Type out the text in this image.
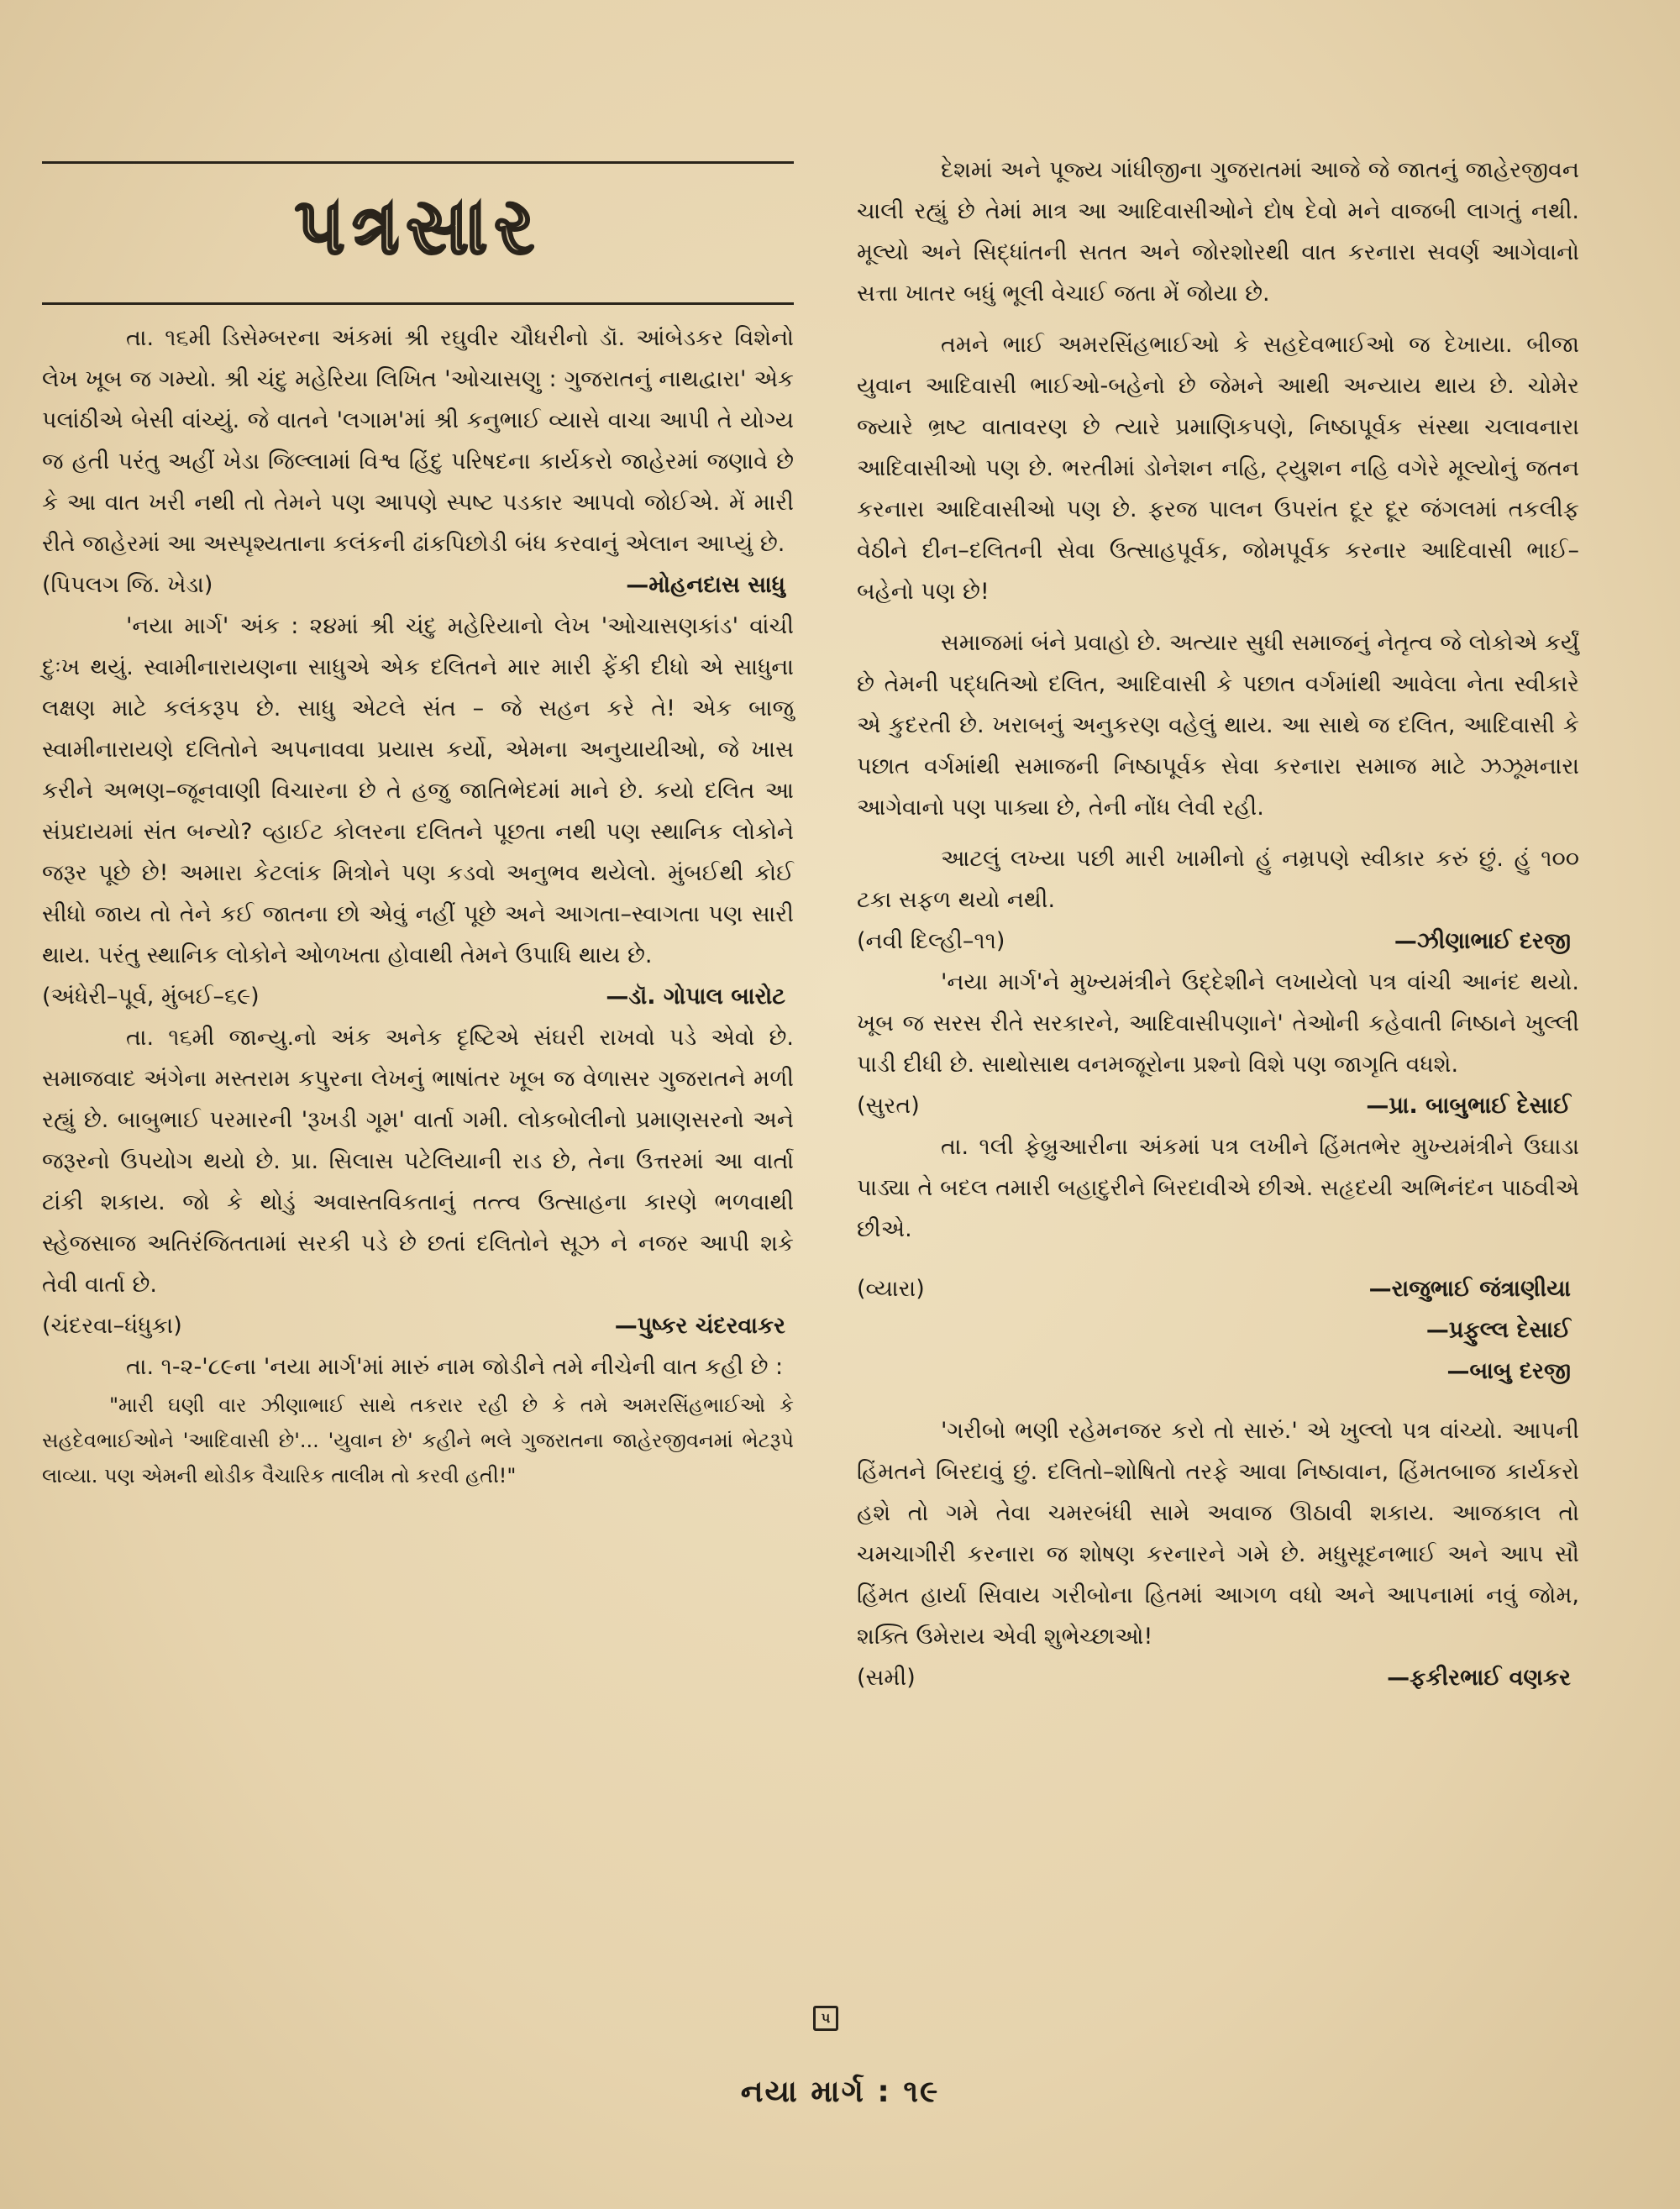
પત્રસાર

તા. ૧૬મી ડિસેમ્બરના અંકમાં શ્રી રઘુવીર ચૌધરીનો ડૉ. આંબેડકર વિશેનો લેખ ખૂબ જ ગમ્યો. શ્રી ચંદુ મહેરિયા લિખિત 'ઓચાસણુ : ગુજરાતનું નાથદ્વારા' એક પલાંઠીએ બેસી વાંચ્યું. જે વાતને 'લગામ'માં શ્રી કનુભાઈ વ્યાસે વાચા આપી તે યોગ્ય જ હતી પરંતુ અહીં ખેડા જિલ્લામાં વિશ્વ હિંદુ પરિષદના કાર્યકરો જાહેરમાં જણાવે છે કે આ વાત ખરી નથી તો તેમને પણ આપણે સ્પષ્ટ પડકાર આપવો જોઈએ. મેં મારી રીતે જાહેરમાં આ અસ્પૃશ્યતાના કલંકની ઢાંકપિછોડી બંધ કરવાનું એલાન આપ્યું છે.

(પિપલગ જિ. ખેડા)	—મોહનદાસ સાધુ

'નયા માર્ગ' અંક : ૨૪માં શ્રી ચંદુ મહેરિયાનો લેખ 'ઓચાસણકાંડ' વાંચી દુઃખ થયું. સ્વામીનારાયણના સાધુએ એક દલિતને માર મારી ફેંકી દીધો એ સાધુના લક્ષણ માટે કલંકરૂપ છે. સાધુ એટલે સંત – જે સહન કરે તે! એક બાજુ સ્વામીનારાયણે દલિતોને અપનાવવા પ્રયાસ કર્યો, એમના અનુયાયીઓ, જે ખાસ કરીને અભણ–જૂનવાણી વિચારના છે તે હજુ જાતિભેદમાં માને છે. કયો દલિત આ સંપ્રદાયમાં સંત બન્યો? વ્હાઈટ કોલરના દલિતને પૂછતા નથી પણ સ્થાનિક લોકોને જરૂર પૂછે છે! અમારા કેટલાંક મિત્રોને પણ કડવો અનુભવ થયેલો. મુંબઈથી કોઈ સીધો જાય તો તેને કઈ જાતના છો એવું નહીં પૂછે અને આગતા–સ્વાગતા પણ સારી થાય. પરંતુ સ્થાનિક લોકોને ઓળખતા હોવાથી તેમને ઉપાધિ થાય છે.

(અંધેરી–પૂર્વ, મુંબઈ–૬૯)	—ડૉ. ગોપાલ બારોટ

તા. ૧૬મી જાન્યુ.નો અંક અનેક દૃષ્ટિએ સંઘરી રાખવો પડે એવો છે. સમાજવાદ અંગેના મસ્તરામ કપુરના લેખનું ભાષાંતર ખૂબ જ વેળાસર ગુજરાતને મળી રહ્યું છે. બાબુભાઈ પરમારની 'રૂખડી ગૂમ' વાર્તા ગમી. લોકબોલીનો પ્રમાણસરનો અને જરૂરનો ઉપયોગ થયો છે. પ્રા. સિલાસ પટેલિયાની રાડ છે, તેના ઉત્તરમાં આ વાર્તા ટાંકી શકાય. જો કે થોડું અવાસ્તવિકતાનું તત્ત્વ ઉત્સાહના કારણે ભળવાથી સ્હેજસાજ અતિરંજિતતામાં સરકી પડે છે છતાં દલિતોને સૂઝ ને નજર આપી શકે તેવી વાર્તા છે.

(ચંદરવા–ધંધુકા)	—પુષ્કર ચંદરવાકર

તા. ૧-૨-'૮૯ના 'નયા માર્ગ'માં મારું નામ જોડીને તમે નીચેની વાત કહી છે :

"મારી ઘણી વાર ઝીણાભાઈ સાથે તકરાર રહી છે કે તમે અમરસિંહભાઈઓ કે સહદેવભાઈઓને 'આદિવાસી છે'... 'યુવાન છે' કહીને ભલે ગુજરાતના જાહેરજીવનમાં ભેટરૂપે લાવ્યા. પણ એમની થોડીક વૈચારિક તાલીમ તો કરવી હતી!"

દેશમાં અને પૂજ્ય ગાંધીજીના ગુજરાતમાં આજે જે જાતનું જાહેરજીવન ચાલી રહ્યું છે તેમાં માત્ર આ આદિવાસીઓને દોષ દેવો મને વાજબી લાગતું નથી. મૂલ્યો અને સિદ્ધાંતની સતત અને જોરશોરથી વાત કરનારા સવર્ણ આગેવાનો સત્તા ખાતર બધું ભૂલી વેચાઈ જતા મેં જોયા છે.

તમને ભાઈ અમરસિંહભાઈઓ કે સહદેવભાઈઓ જ દેખાયા. બીજા યુવાન આદિવાસી ભાઈઓ-બહેનો છે જેમને આથી અન્યાય થાય છે. ચોમેર જ્યારે ભ્રષ્ટ વાતાવરણ છે ત્યારે પ્રમાણિકપણે, નિષ્ઠાપૂર્વક સંસ્થા ચલાવનારા આદિવાસીઓ પણ છે. ભરતીમાં ડોનેશન નહિ, ટ્યુશન નહિ વગેરે મૂલ્યોનું જતન કરનારા આદિવાસીઓ પણ છે. ફરજ પાલન ઉપરાંત દૂર દૂર જંગલમાં તકલીફ વેઠીને દીન–દલિતની સેવા ઉત્સાહપૂર્વક, જોમપૂર્વક કરનાર આદિવાસી ભાઈ–બહેનો પણ છે!

સમાજમાં બંને પ્રવાહો છે. અત્યાર સુધી સમાજનું નેતૃત્વ જે લોકોએ કર્યું છે તેમની પદ્ધતિઓ દલિત, આદિવાસી કે પછાત વર્ગમાંથી આવેલા નેતા સ્વીકારે એ કુદરતી છે. ખરાબનું અનુકરણ વહેલું થાય. આ સાથે જ દલિત, આદિવાસી કે પછાત વર્ગમાંથી સમાજની નિષ્ઠાપૂર્વક સેવા કરનારા સમાજ માટે ઝઝૂમનારા આગેવાનો પણ પાક્યા છે, તેની નોંધ લેવી રહી.

આટલું લખ્યા પછી મારી ખામીનો હું નમ્રપણે સ્વીકાર કરું છું. હું ૧૦૦ ટકા સફળ થયો નથી.

(નવી દિલ્હી–૧૧)	—ઝીણાભાઈ દરજી

'નયા માર્ગ'ને મુખ્યમંત્રીને ઉદ્દેશીને લખાયેલો પત્ર વાંચી આનંદ થયો. ખૂબ જ સરસ રીતે સરકારને, આદિવાસીપણાને' તેઓની કહેવાતી નિષ્ઠાને ખુલ્લી પાડી દીધી છે. સાથોસાથ વનમજૂરોના પ્રશ્નો વિશે પણ જાગૃતિ વધશે.

(સુરત)	—પ્રા. બાબુભાઈ દેસાઈ

તા. ૧લી ફેબ્રુઆરીના અંકમાં પત્ર લખીને હિંમતભેર મુખ્યમંત્રીને ઉઘાડા પાડ્યા તે બદલ તમારી બહાદુરીને બિરદાવીએ છીએ. સહૃદયી અભિનંદન પાઠવીએ છીએ.

(વ્યારા)	—રાજુભાઈ જંત્રાણીયા
—પ્રફુલ્લ દેસાઈ
—બાબુ દરજી

'ગરીબો ભણી રહેમનજર કરો તો સારું.' એ ખુલ્લો પત્ર વાંચ્યો. આપની હિંમતને બિરદાવું છું. દલિતો–શોષિતો તરફે આવા નિષ્ઠાવાન, હિંમતબાજ કાર્યકરો હશે તો ગમે તેવા ચમરબંધી સામે અવાજ ઊઠાવી શકાય. આજકાલ તો ચમચાગીરી કરનારા જ શોષણ કરનારને ગમે છે. મધુસૂદનભાઈ અને આપ સૌ હિંમત હાર્યા સિવાય ગરીબોના હિતમાં આગળ વધો અને આપનામાં નવું જોમ, શક્તિ ઉમેરાય એવી શુભેચ્છાઓ!

(સમી)	—ફકીરભાઈ વણકર
૫
નયા માર્ગ : ૧૯
